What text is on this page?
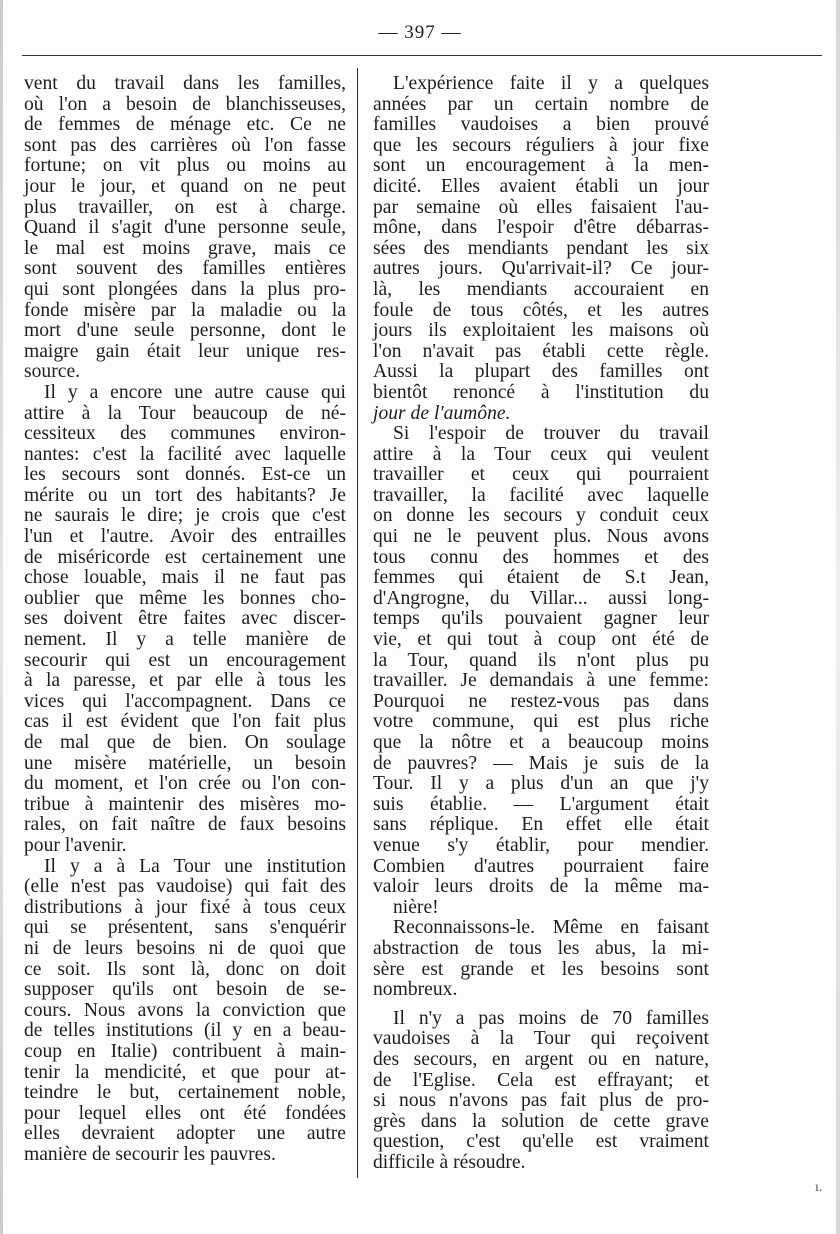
— 397 —
vent du travail dans les familles,
où l'on a besoin de blanchisseuses,
de femmes de ménage etc. Ce ne
sont pas des carrières où l'on fasse
fortune; on vit plus ou moins au
jour le jour, et quand on ne peut
plus travailler, on est à charge.
Quand il s'agit d'une personne seule,
le mal est moins grave, mais ce
sont souvent des familles entières
qui sont plongées dans la plus pro-
fonde misère par la maladie ou la
mort d'une seule personne, dont le
maigre gain était leur unique res-
source.
Il y a encore une autre cause qui
attire à la Tour beaucoup de né-
cessiteux des communes environ-
nantes: c'est la facilité avec laquelle
les secours sont donnés. Est-ce un
mérite ou un tort des habitants? Je
ne saurais le dire; je crois que c'est
l'un et l'autre. Avoir des entrailles
de miséricorde est certainement une
chose louable, mais il ne faut pas
oublier que même les bonnes cho-
ses doivent être faites avec discer-
nement. Il y a telle manière de
secourir qui est un encouragement
à la paresse, et par elle à tous les
vices qui l'accompagnent. Dans ce
cas il est évident que l'on fait plus
de mal que de bien. On soulage
une misère matérielle, un besoin
du moment, et l'on crée ou l'on con-
tribue à maintenir des misères mo-
rales, on fait naître de faux besoins
pour l'avenir.
Il y a à La Tour une institution
(elle n'est pas vaudoise) qui fait des
distributions à jour fixé à tous ceux
qui se présentent, sans s'enquérir
ni de leurs besoins ni de quoi que
ce soit. Ils sont là, donc on doit
supposer qu'ils ont besoin de se-
cours. Nous avons la conviction que
de telles institutions (il y en a beau-
coup en Italie) contribuent à main-
tenir la mendicité, et que pour at-
teindre le but, certainement noble,
pour lequel elles ont été fondées
elles devraient adopter une autre
manière de secourir les pauvres.
L'expérience faite il y a quelques
années par un certain nombre de
familles vaudoises a bien prouvé
que les secours réguliers à jour fixe
sont un encouragement à la men-
dicité. Elles avaient établi un jour
par semaine où elles faisaient l'au-
mône, dans l'espoir d'être débarras-
sées des mendiants pendant les six
autres jours. Qu'arrivait-il? Ce jour-
là, les mendiants accouraient en
foule de tous côtés, et les autres
jours ils exploitaient les maisons où
l'on n'avait pas établi cette règle.
Aussi la plupart des familles ont
bientôt renoncé à l'institution du
jour de l'aumône.
Si l'espoir de trouver du travail
attire à la Tour ceux qui veulent
travailler et ceux qui pourraient
travailler, la facilité avec laquelle
on donne les secours y conduit ceux
qui ne le peuvent plus. Nous avons
tous connu des hommes et des
femmes qui étaient de S.t Jean,
d'Angrogne, du Villar... aussi long-
temps qu'ils pouvaient gagner leur
vie, et qui tout à coup ont été de
la Tour, quand ils n'ont plus pu
travailler. Je demandais à une femme:
Pourquoi ne restez-vous pas dans
votre commune, qui est plus riche
que la nôtre et a beaucoup moins
de pauvres? — Mais je suis de la
Tour. Il y a plus d'un an que j'y
suis établie. — L'argument était
sans réplique. En effet elle était
venue s'y établir, pour mendier.
Combien d'autres pourraient faire
valoir leurs droits de la même ma-
nière!
Reconnaissons-le. Même en faisant
abstraction de tous les abus, la mi-
sère est grande et les besoins sont
nombreux.
Il n'y a pas moins de 70 familles
vaudoises à la Tour qui reçoivent
des secours, en argent ou en nature,
de l'Eglise. Cela est effrayant; et
si nous n'avons pas fait plus de pro-
grès dans la solution de cette grave
question, c'est qu'elle est vraiment
difficile à résoudre.
ı.
